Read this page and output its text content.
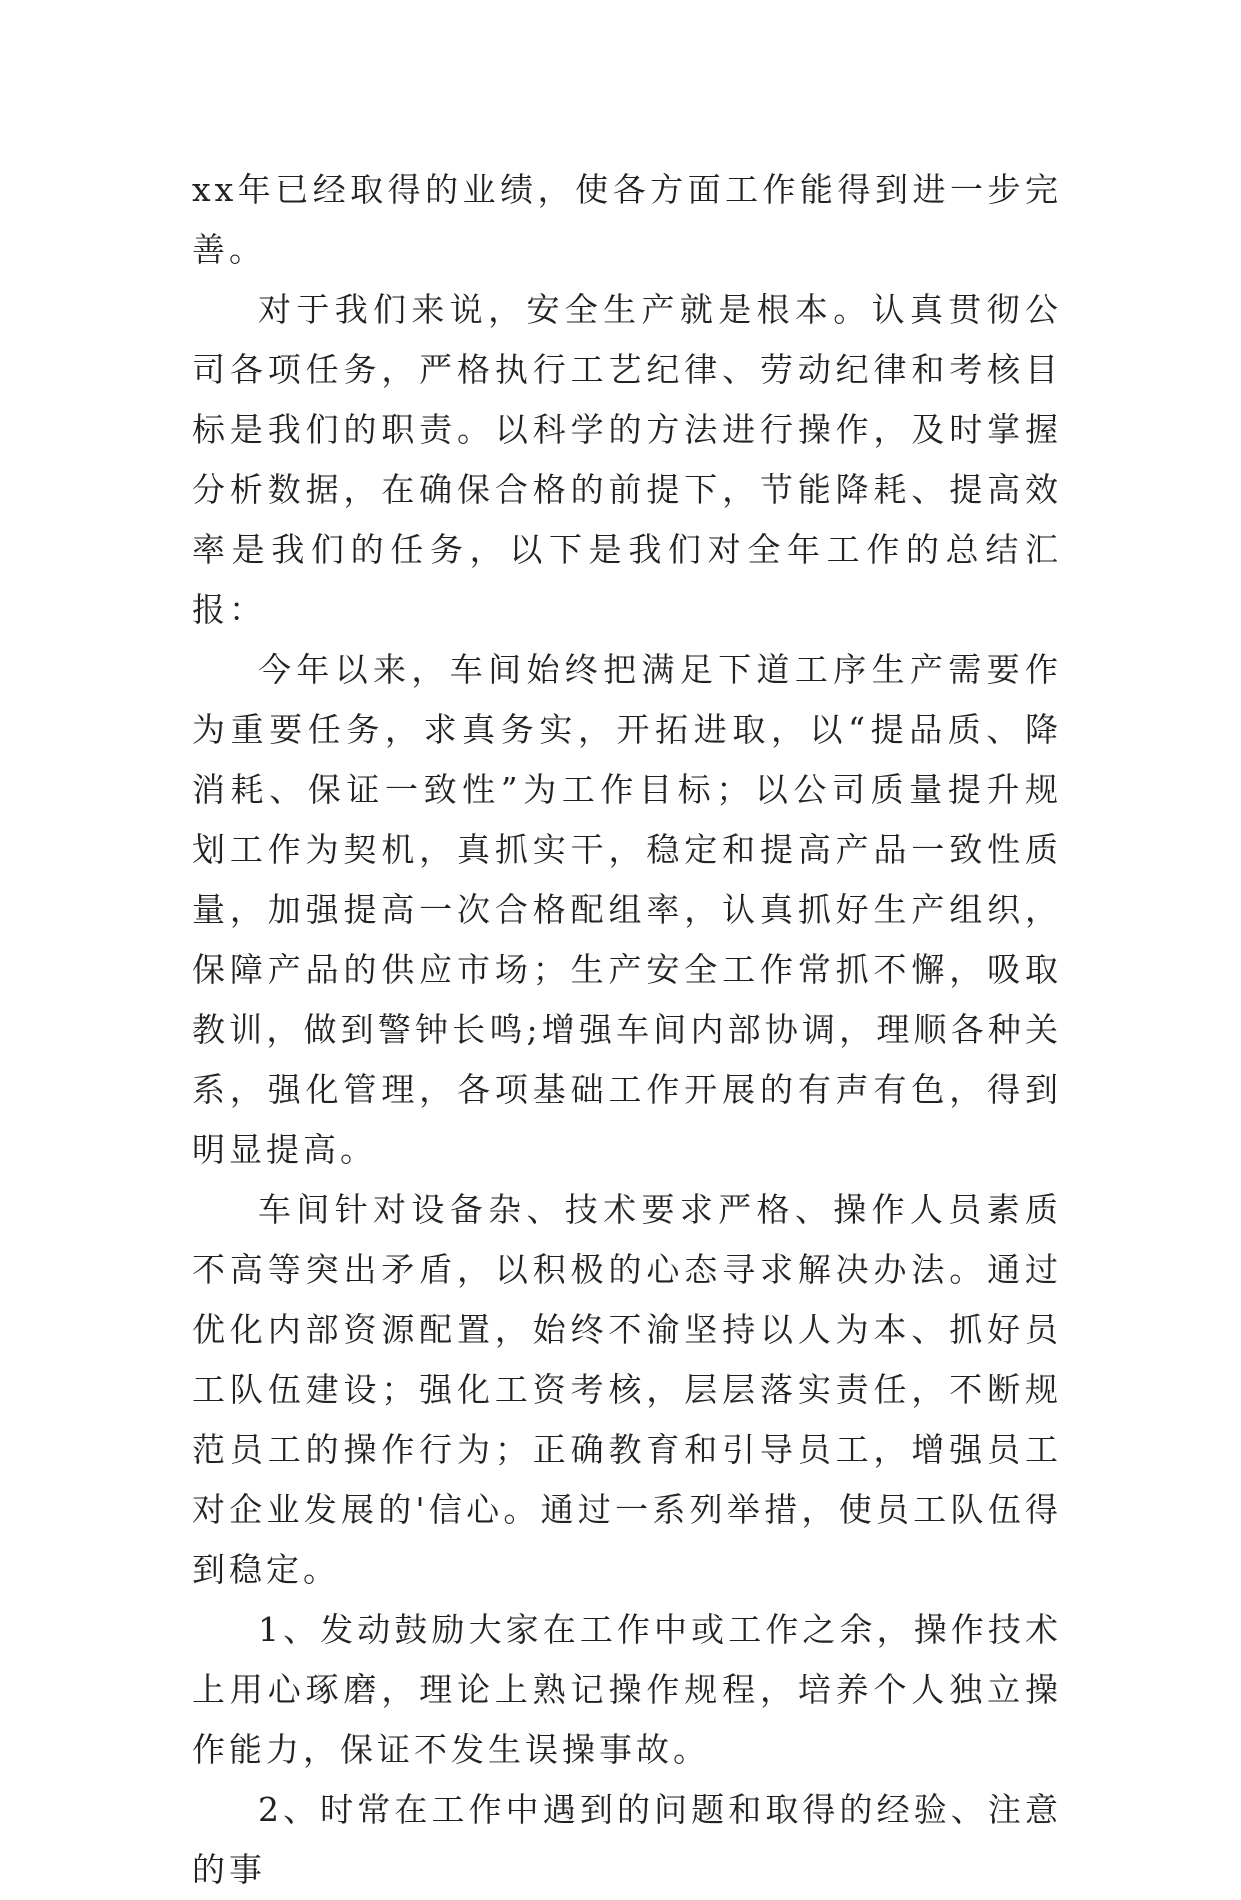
xx年已经取得的业绩，使各方面工作能得到进一步完善。

对于我们来说，安全生产就是根本。认真贯彻公司各项任务，严格执行工艺纪律、劳动纪律和考核目标是我们的职责。以科学的方法进行操作，及时掌握分析数据，在确保合格的前提下，节能降耗、提高效率是我们的任务，以下是我们对全年工作的总结汇报：

今年以来，车间始终把满足下道工序生产需要作为重要任务，求真务实，开拓进取，以“提品质、降消耗、保证一致性”为工作目标；以公司质量提升规划工作为契机，真抓实干，稳定和提高产品一致性质量，加强提高一次合格配组率，认真抓好生产组织，保障产品的供应市场；生产安全工作常抓不懈，吸取教训，做到警钟长鸣;增强车间内部协调，理顺各种关系，强化管理，各项基础工作开展的有声有色，得到明显提高。

车间针对设备杂、技术要求严格、操作人员素质不高等突出矛盾，以积极的心态寻求解决办法。通过优化内部资源配置，始终不渝坚持以人为本、抓好员工队伍建设；强化工资考核，层层落实责任，不断规范员工的操作行为；正确教育和引导员工，增强员工对企业发展的'信心。通过一系列举措，使员工队伍得到稳定。

1、发动鼓励大家在工作中或工作之余，操作技术上用心琢磨，理论上熟记操作规程，培养个人独立操作能力，保证不发生误操事故。

2、时常在工作中遇到的问题和取得的经验、注意的事
